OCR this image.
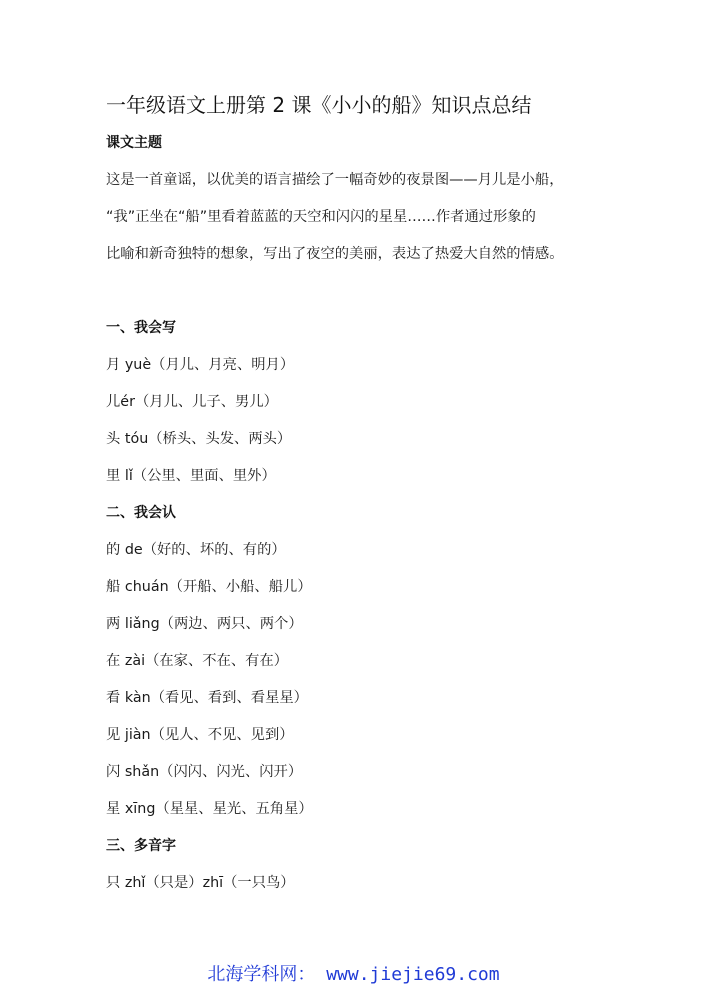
一年级语文上册第 2 课《小小的船》知识点总结
课文主题

这是一首童谣，以优美的语言描绘了一幅奇妙的夜景图——月儿是小船，

“我”正坐在“船”里看着蓝蓝的天空和闪闪的星星……作者通过形象的

比喻和新奇独特的想象，写出了夜空的美丽，表达了热爱大自然的情感。

一、我会写

月 yuè（月儿、月亮、明月）

儿ér（月儿、儿子、男儿）

头 tóu（桥头、头发、两头）

里 lǐ（公里、里面、里外）

二、我会认

的 de（好的、坏的、有的）

船 chuán（开船、小船、船儿）

两 liǎng（两边、两只、两个）

在 zài（在家、不在、有在）

看 kàn（看见、看到、看星星）

见 jiàn（见人、不见、见到）

闪 shǎn（闪闪、闪光、闪开）

星 xīng（星星、星光、五角星）

三、多音字

只 zhǐ（只是）zhī（一只鸟）

北海学科网： www.jiejie69.com
